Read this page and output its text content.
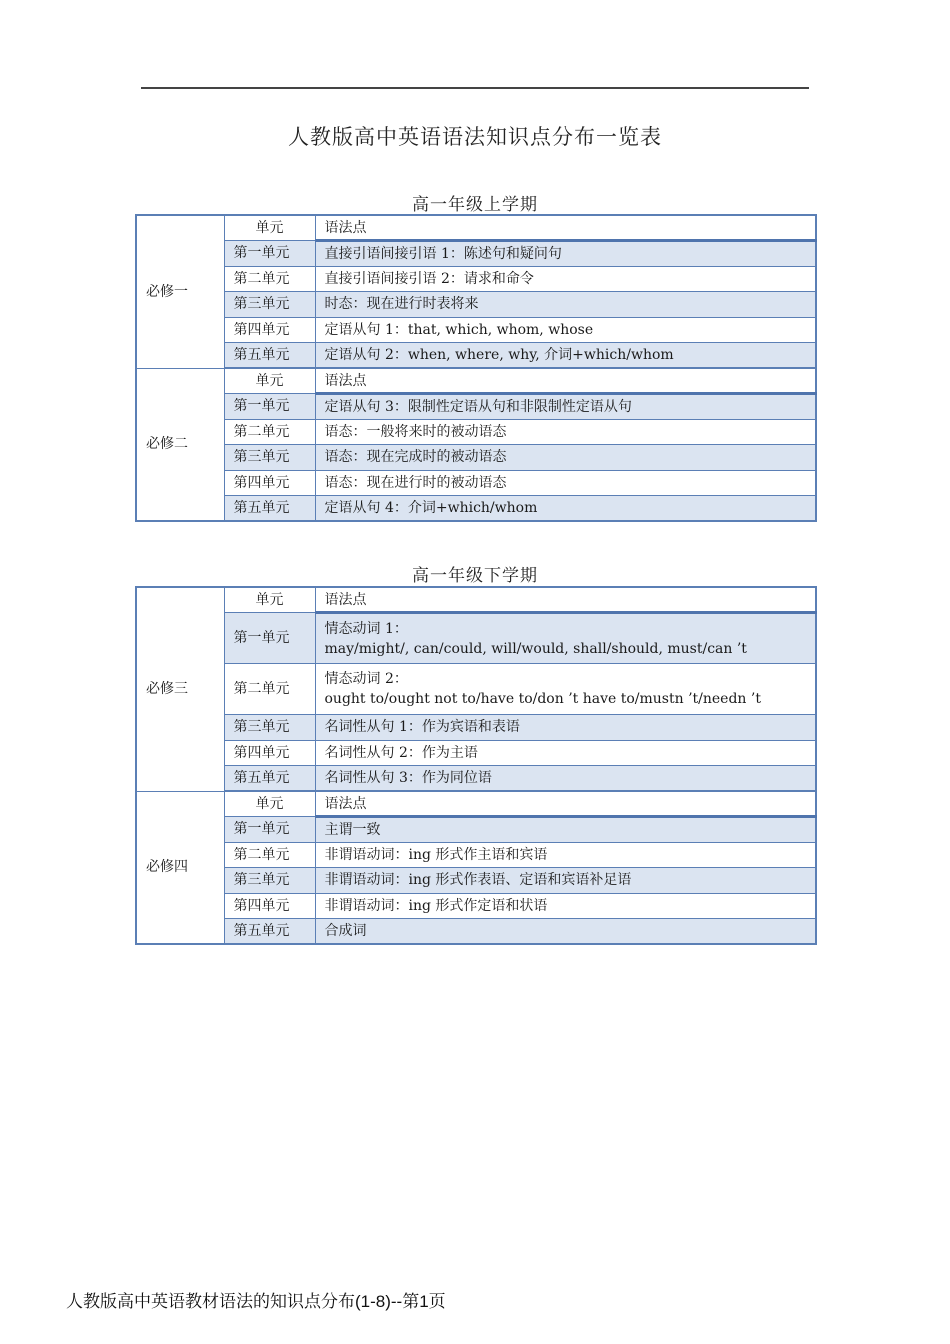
人教版高中英语语法知识点分布一览表
高一年级上学期
必修一	单元	语法点
	第一单元	直接引语间接引语 1：陈述句和疑问句

	第二单元	直接引语间接引语 2：请求和命令

	第三单元	时态：现在进行时表将来

	第四单元	定语从句 1：that, which, whom, whose

	第五单元	定语从句 2：when, where, why, 介词+which/whom

必修二	单元	语法点
	第一单元	定语从句 3：限制性定语从句和非限制性定语从句

	第二单元	语态：一般将来时的被动语态

	第三单元	语态：现在完成时的被动语态

	第四单元	语态：现在进行时的被动语态

	第五单元	定语从句 4：介词+which/whom
高一年级下学期
必修三	单元	语法点
	第一单元	情态动词 1：
may/might/, can/could, will/would, shall/should, must/can ’t

	第二单元	情态动词 2：
ought to/ought not to/have to/don ’t have to/mustn ’t/needn ’t

	第三单元	名词性从句 1：作为宾语和表语

	第四单元	名词性从句 2：作为主语

	第五单元	名词性从句 3：作为同位语

必修四	单元	语法点
	第一单元	主谓一致

	第二单元	非谓语动词：ing 形式作主语和宾语

	第三单元	非谓语动词：ing 形式作表语、定语和宾语补足语

	第四单元	非谓语动词：ing 形式作定语和状语

	第五单元	合成词
人教版高中英语教材语法的知识点分布(1-8)--第1页
